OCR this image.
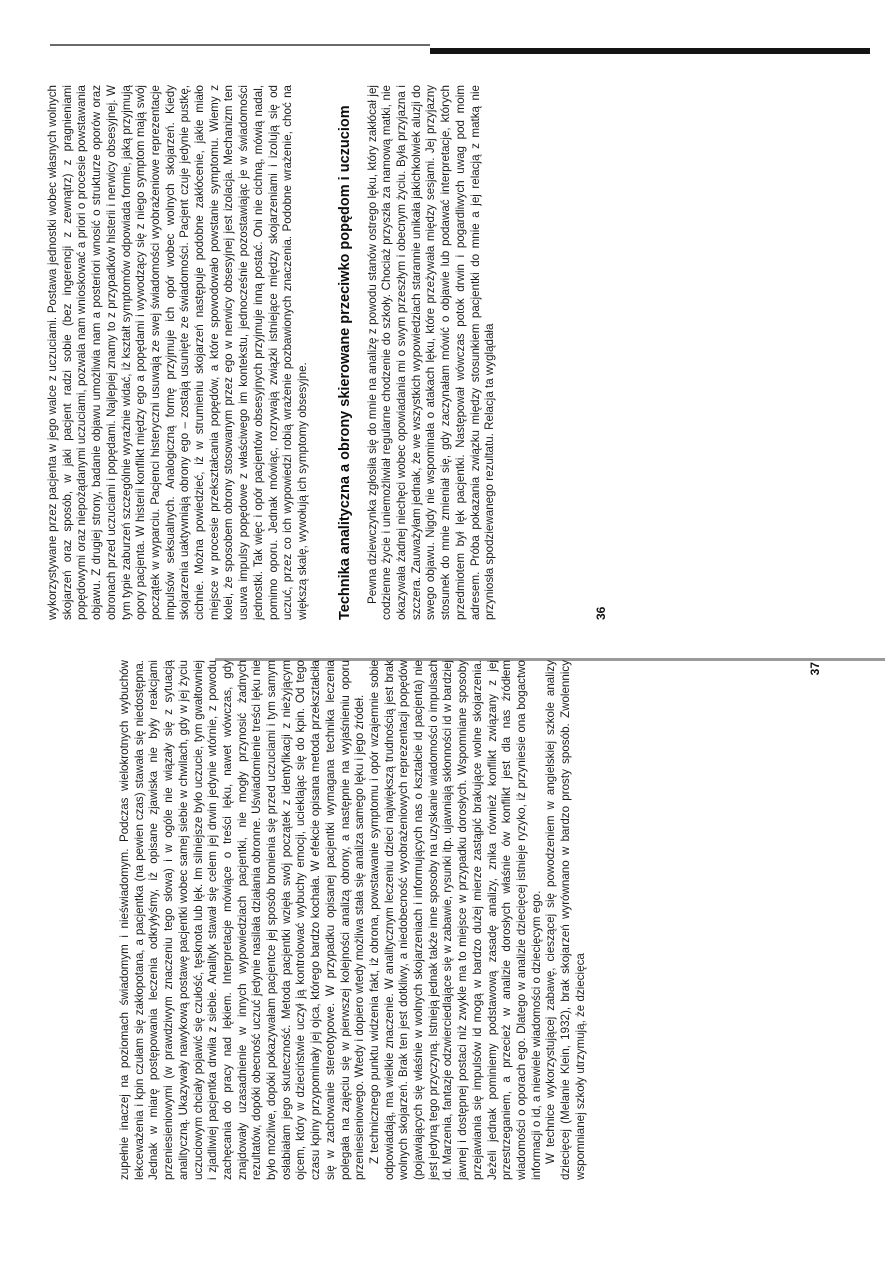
wykorzystywane przez pacjenta w jego walce z uczuciami. Postawa jednostki wobec własnych wolnych skojarzeń oraz sposób, w jaki pacjent radzi sobie (bez ingerencji z zewnątrz) z pragnieniami popędowymi oraz niepożądanymi uczuciami, pozwala nam wnioskować a priori o procesie powstawania objawu. Z drugiej strony, badanie objawu umożliwia nam a posteriori wnosić o strukturze oporów oraz obronach przed uczuciami i popędami. Najlepiej znamy to z przypadków histerii i nerwicy obsesyjnej. W tym typie zaburzeń szczególnie wyraźnie widać, iż kształt symptomów odpowiada formie, jaką przyjmują opory pacjenta. W histerii konflikt między ego a popędami i wywodzący się z niego symptom mają swój początek w wyparciu. Pacjenci histeryczni usuwają ze swej świadomości wyobrażeniowe reprezentacje impulsów seksualnych. Analogiczną formę przyjmuje ich opór wobec wolnych skojarzeń. Kiedy skojarzenia uaktywniają obrony ego – zostają usunięte ze świadomości. Pacjent czuje jedynie pustkę, cichnie. Można powiedzieć, iż w strumieniu skojarzeń następuje podobne zakłócenie, jakie miało miejsce w procesie przekształcania popędów, a które spowodowało powstanie symptomu. Wiemy z kolei, że sposobem obrony stosowanym przez ego w nerwicy obsesyjnej jest izolacja. Mechanizm ten usuwa impulsy popędowe z właściwego im kontekstu, jednocześnie pozostawiając je w świadomości jednostki. Tak więc i opór pacjentów obsesyjnych przyjmuje inną postać. Oni nie cichną, mówią nadal, pomimo oporu. Jednak mówiąc, rozrywają związki istniejące między skojarzeniami i izolują się od uczuć, przez co ich wypowiedzi robią wrażenie pozbawionych znaczenia. Podobne wrażenie, choć na większą skalę, wywołują ich symptomy obsesyjne. Technika analityczna a obrony skierowane przeciwko popędom i uczuciom Pewna dziewczynka zgłosiła się do mnie na analizę z powodu stanów ostrego lęku, który zakłócał jej codzienne życie i uniemożliwiał regularne chodzenie do szkoły. Chociaż przyszła za namową matki, nie okazywała żadnej niechęci wobec opowiadania mi o swym przeszłym i obecnym życiu. Była przyjazna i szczera. Zauważyłam jednak, że we wszystkich wypowiedziach starannie unikała jakichkolwiek aluzji do swego objawu. Nigdy nie wspominała o atakach lęku, które przeżywała między sesjami. Jej przyjazny stosunek do mnie zmieniał się, gdy zaczynałam mówić o objawie lub podawać interpretacje, których przedmiotem był lęk pacjentki. Następował wówczas potok drwin i pogardliwych uwag pod moim adresem. Próba pokazania związku między stosunkiem pacjentki do mnie a jej relacją z matką nie przyniosła spodziewanego rezultatu. Relacja ta wyglądała	36

zupełnie inaczej na poziomach świadomym i nieświadomym. Podczas wielokrotnych wybuchów lekceważenia i kpin czułam się zakłopotana, a pacjentka (na pewien czas) stawała się niedostępna. Jednak w miarę postępowania leczenia odkryłyśmy, iż opisane zjawiska nie były reakcjami przeniesieniowymi (w prawdziwym znaczeniu tego słowa) i w ogóle nie wiązały się z sytuacją analityczną. Ukazywały nawykową postawę pacjentki wobec samej siebie w chwilach, gdy w jej życiu uczuciowym chciały pojawić się czułość, tęsknota lub lęk. Im silniejsze było uczucie, tym gwałtowniej i zjadliwiej pacjentka drwiła z siebie. Analityk stawał się celem jej drwin jedynie wtórnie, z powodu zachęcania do pracy nad lękiem. Interpretacje mówiące o treści lęku, nawet wówczas, gdy znajdowały uzasadnienie w innych wypowiedziach pacjentki, nie mogły przynosić żadnych rezultatów, dopóki obecność uczuć jedynie nasilała działania obronne. Uświadomienie treści lęku nie było możliwe, dopóki pokazywałam pacjentce jej sposób bronienia się przed uczuciami i tym samym osłabiałam jego skuteczność. Metoda pacjentki wzięła swój początek z identyfikacji z nieżyjącym ojcem, który w dzieciństwie uczył ją kontrolować wybuchy emocji, ucieklając się do kpin. Od tego czasu kpiny przypominały jej ojca, którego bardzo kochała. W efekcie opisana metoda przekształciła się w zachowanie stereotypowe. W przypadku opisanej pacjentki wymagana technika leczenia polegała na zajęciu się w pierwszej kolejności analizą obrony, a następnie na wyjaśnieniu oporu przeniesieniowego. Wtedy i dopiero wtedy możliwa stała się analiza samego lęku i jego źródeł. Z technicznego punktu widzenia fakt, iż obrona, powstawanie symptomu i opór wzajemnie sobie odpowiadają, ma wielkie znaczenie. W analitycznym leczeniu dzieci największą trudnością jest brak wolnych skojarzeń. Brak ten jest dotkliwy, a niedobecność wyobrażeniowych reprezentacji popędów (pojawiających się właśnie w wolnych skojarzeniach i informujących nas o kształcie id pacjenta) nie jest jedyną tego przyczyną. Istnieją jednak także inne sposoby na uzyskanie wiadomości o impulsach id. Marzenia, fantazje odzwierciedlające się w zabawie, rysunki itp. ujawniają skłonności id w bardziej jawnej i dostępnej postaci niż zwykle ma to miejsce w przypadku dorosłych. Wspomniane sposoby przejawiania się impulsów id mogą w bardzo dużej mierze zastąpić brakujące wolne skojarzenia. Jeżeli jednak pominiemy podstawową zasadę analizy, znika również konflikt związany z jej przestrzeganiem, a przecież w analizie dorosłych właśnie ów konflikt jest dla nas źródłem wiadomości o oporach ego. Dlatego w analizie dziecięcej istnieje ryzyko, iż przyniesie ona bogactwo informacji o id, a niewiele wiadomości o dziecięcym ego. W technice wykorzystującej zabawę, cieszącej się powodzeniem w angielskiej szkole analizy dziecięcej (Melanie Klein, 1932), brak skojarzeń wyrównano w bardzo prosty sposób. Zwolennicy wspomnianej szkoły utrzymują, że dziecięca

37
